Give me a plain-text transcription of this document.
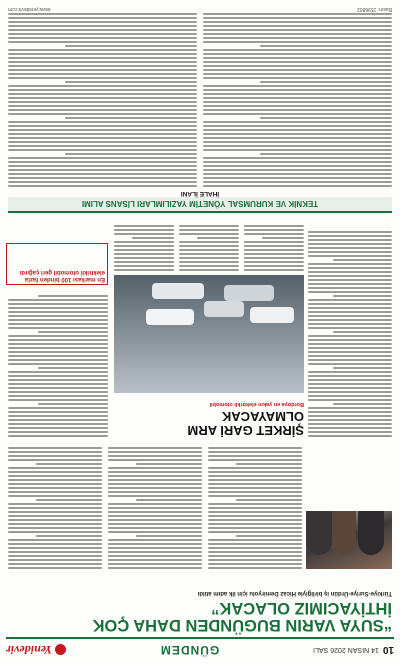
10
14 NİSAN 2026 SALI
GÜNDEM
Yenidevir
“SUYA VARIN BUGÜNDEN DAHA ÇOK İHTİYACIMIZ OLACAK”
Türkiye-Suriye-Ürdün iş birliğiyle Hicaz Demiryolu için ilk adım atıldı
ŞİRKET GARİ ARM OLMAYACAK
Bordoya en yakın elektrikli otomobil
En markası 100 binden fazla elektrikli otomobil geri çağırdı
TEKNİK VE KURUMSAL YÖNETİM YAZILIMLARI LİSANS ALIMI
İHALE İLANI
Basın: 1596802
www.yenidevir.com
